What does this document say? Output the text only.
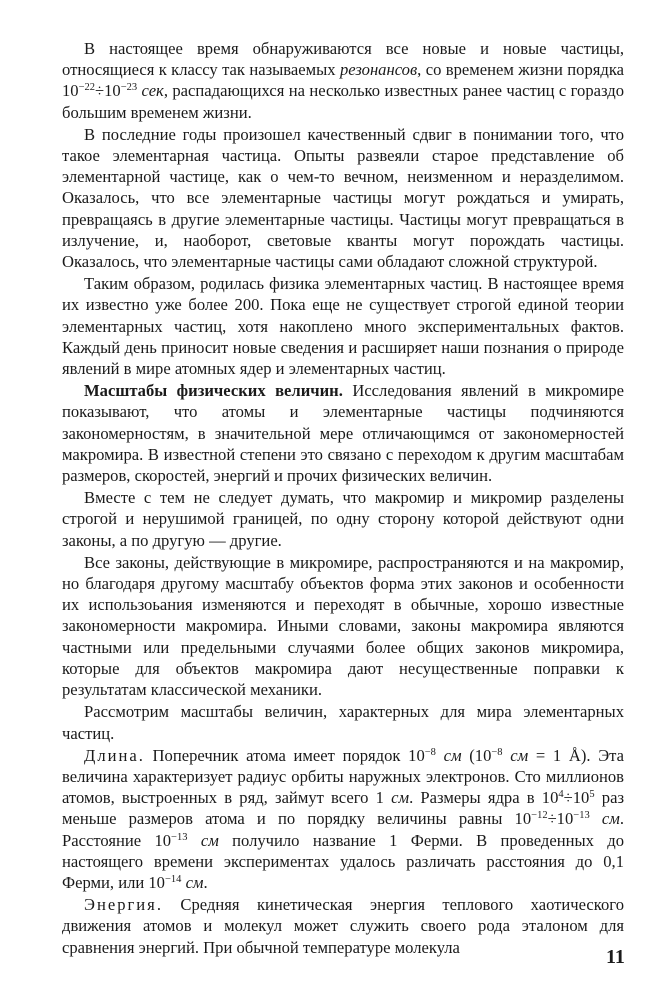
В настоящее время обнаруживаются все новые и новые частицы, относящиеся к классу так называемых резонансов, со временем жизни порядка $10^{-22}\div 10^{-23}$ сек, распадающихся на несколько известных ранее частиц с гораздо большим временем жизни.

В последние годы произошел качественный сдвиг в понимании того, что такое элементарная частица. Опыты развеяли старое представление об элементарной частице, как о чем-то вечном, неизменном и неразделимом. Оказалось, что все элементарные частицы могут рождаться и умирать, превращаясь в другие элементарные частицы. Частицы могут превращаться в излучение, и, наоборот, световые кванты могут порождать частицы. Оказалось, что элементарные частицы сами обладают сложной структурой.

Таким образом, родилась физика элементарных частиц. В настоящее время их известно уже более 200. Пока еще не существует строгой единой теории элементарных частиц, хотя накоплено много экспериментальных фактов. Каждый день приносит новые сведения и расширяет наши познания о природе явлений в мире атомных ядер и элементарных частиц.

Масштабы физических величин. Исследования явлений в микромире показывают, что атомы и элементарные частицы подчиняются закономерностям, в значительной мере отличающимся от закономерностей макромира. В известной степени это связано с переходом к другим масштабам размеров, скоростей, энергий и прочих физических величин.

Вместе с тем не следует думать, что макромир и микромир разделены строгой и нерушимой границей, по одну сторону которой действуют одни законы, а по другую — другие.

Все законы, действующие в микромире, распространяются и на макромир, но благодаря другому масштабу объектов форма этих законов и особенности их использоьания изменяются и переходят в обычные, хорошо известные закономерности макромира. Иными словами, законы макромира являются частными или предельными случаями более общих законов микромира, которые для объектов макромира дают несущественные поправки к результатам классической механики.

Рассмотрим масштабы величин, характерных для мира элементарных частиц.

Длина. Поперечник атома имеет порядок $10^{-8}$ см ($10^{-8}$ см = 1 Å). Эта величина характеризует радиус орбиты наружных электронов. Сто миллионов атомов, выстроенных в ряд, займут всего 1 см. Размеры ядра в $10^4\div 10^5$ раз меньше размеров атома и по порядку величины равны $10^{-12}\div 10^{-13}$ см. Расстояние $10^{-13}$ см получило название 1 Ферми. В проведенных до настоящего времени экспериментах удалось различать расстояния до 0,1 Ферми, или $10^{-14}$ см.

Энергия. Средняя кинетическая энергия теплового хаотического движения атомов и молекул может служить своего рода эталоном для сравнения энергий. При обычной температуре молекула	11
